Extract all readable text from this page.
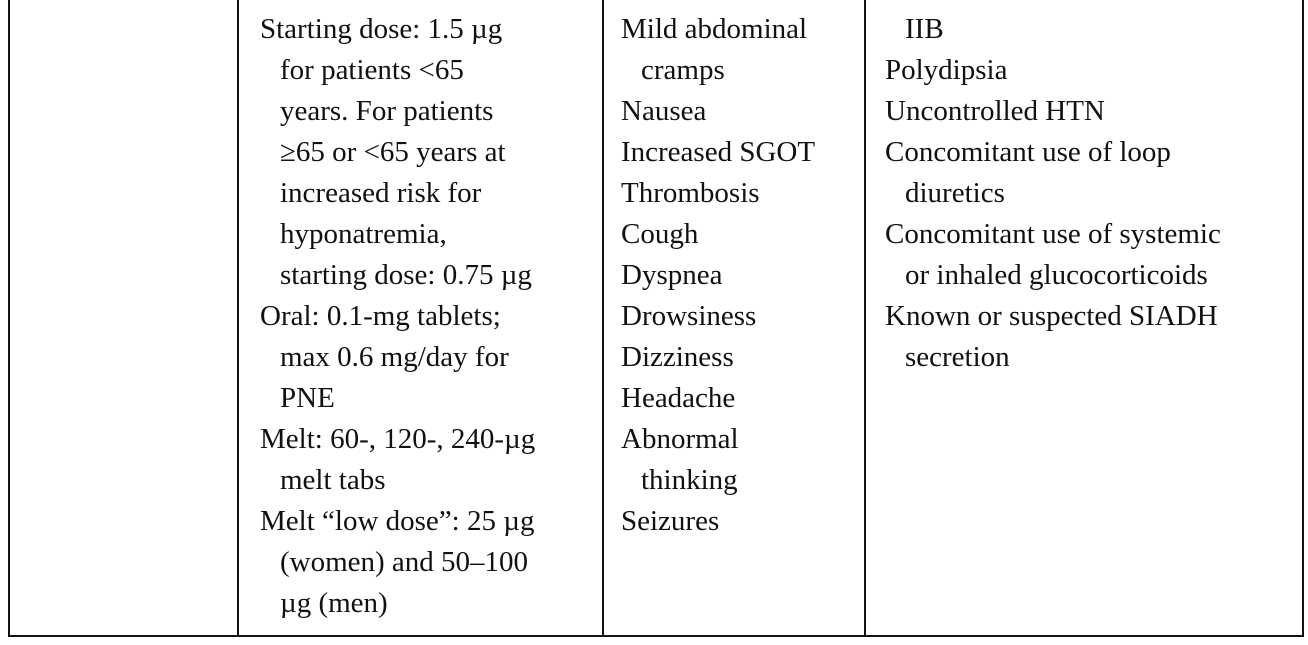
Starting dose: 1.5 µg
for patients <65
years. For patients
≥65 or <65 years at
increased risk for
hyponatremia,
starting dose: 0.75 µg
Oral: 0.1-mg tablets;
max 0.6 mg/day for
PNE
Melt: 60-, 120-, 240-µg
melt tabs
Melt “low dose”: 25 µg
(women) and 50–100
µg (men)
Mild abdominal
cramps
Nausea
Increased SGOT
Thrombosis
Cough
Dyspnea
Drowsiness
Dizziness
Headache
Abnormal
thinking
Seizures
IIB
Polydipsia
Uncontrolled HTN
Concomitant use of loop
diuretics
Concomitant use of systemic
or inhaled glucocorticoids
Known or suspected SIADH
secretion
